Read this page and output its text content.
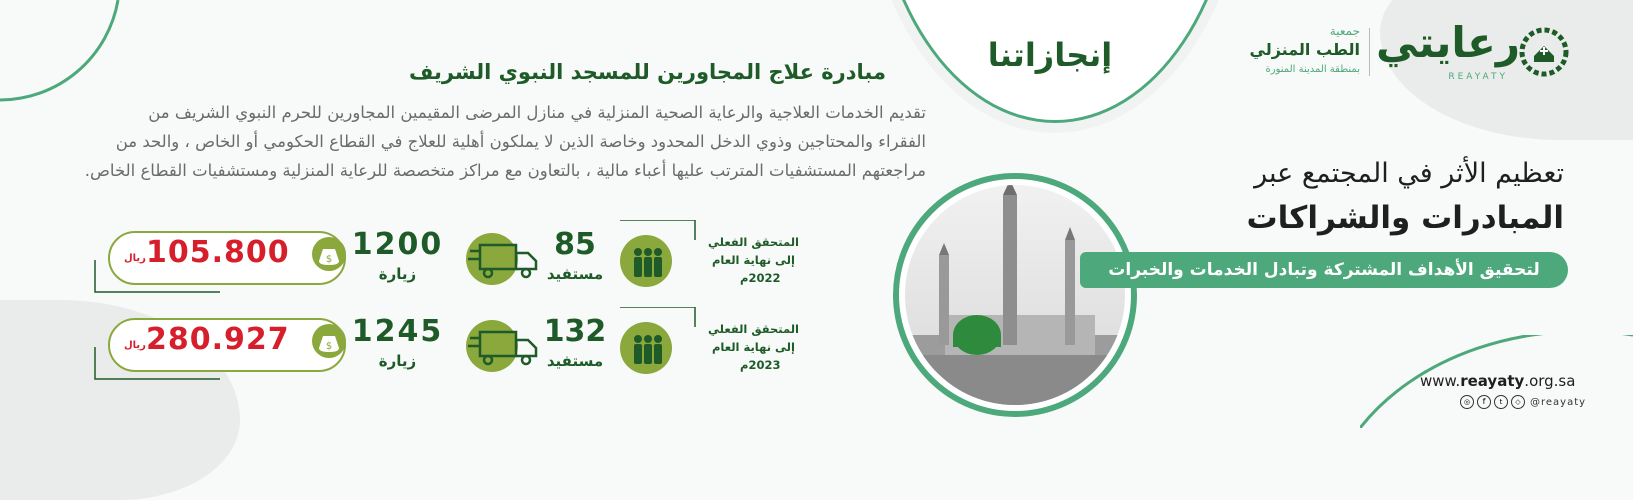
إنجازاتنا
جمعية
الطب المنزلي
بمنطقة المدينة المنورة
رعايتي
REAYATY
مبادرة علاج المجاورين للمسجد النبوي الشريف
تقديم الخدمات العلاجية والرعاية الصحية المنزلية في منازل المرضى المقيمين المجاورين للحرم النبوي الشريف من
الفقراء والمحتاجين وذوي الدخل المحدود وخاصة الذين لا يملكون أهلية للعلاج في القطاع الحكومي أو الخاص ، والحد من
مراجعتهم المستشفيات المترتب عليها أعباء مالية ، بالتعاون مع مراكز متخصصة للرعاية المنزلية ومستشفيات القطاع الخاص.
المتحقق الفعلي
إلى نهاية العام
2022م
85
مستفيد
1200
زيارة
$
105.800
ريال
المتحقق الفعلي
إلى نهاية العام
2023م
132
مستفيد
1245
زيارة
$
280.927
ريال
تعظيم الأثر في المجتمع عبر
المبادرات والشراكات
لتحقيق الأهداف المشتركة وتبادل الخدمات والخبرات
www.reayaty.org.sa
◎	f	t	◇ @reayaty
